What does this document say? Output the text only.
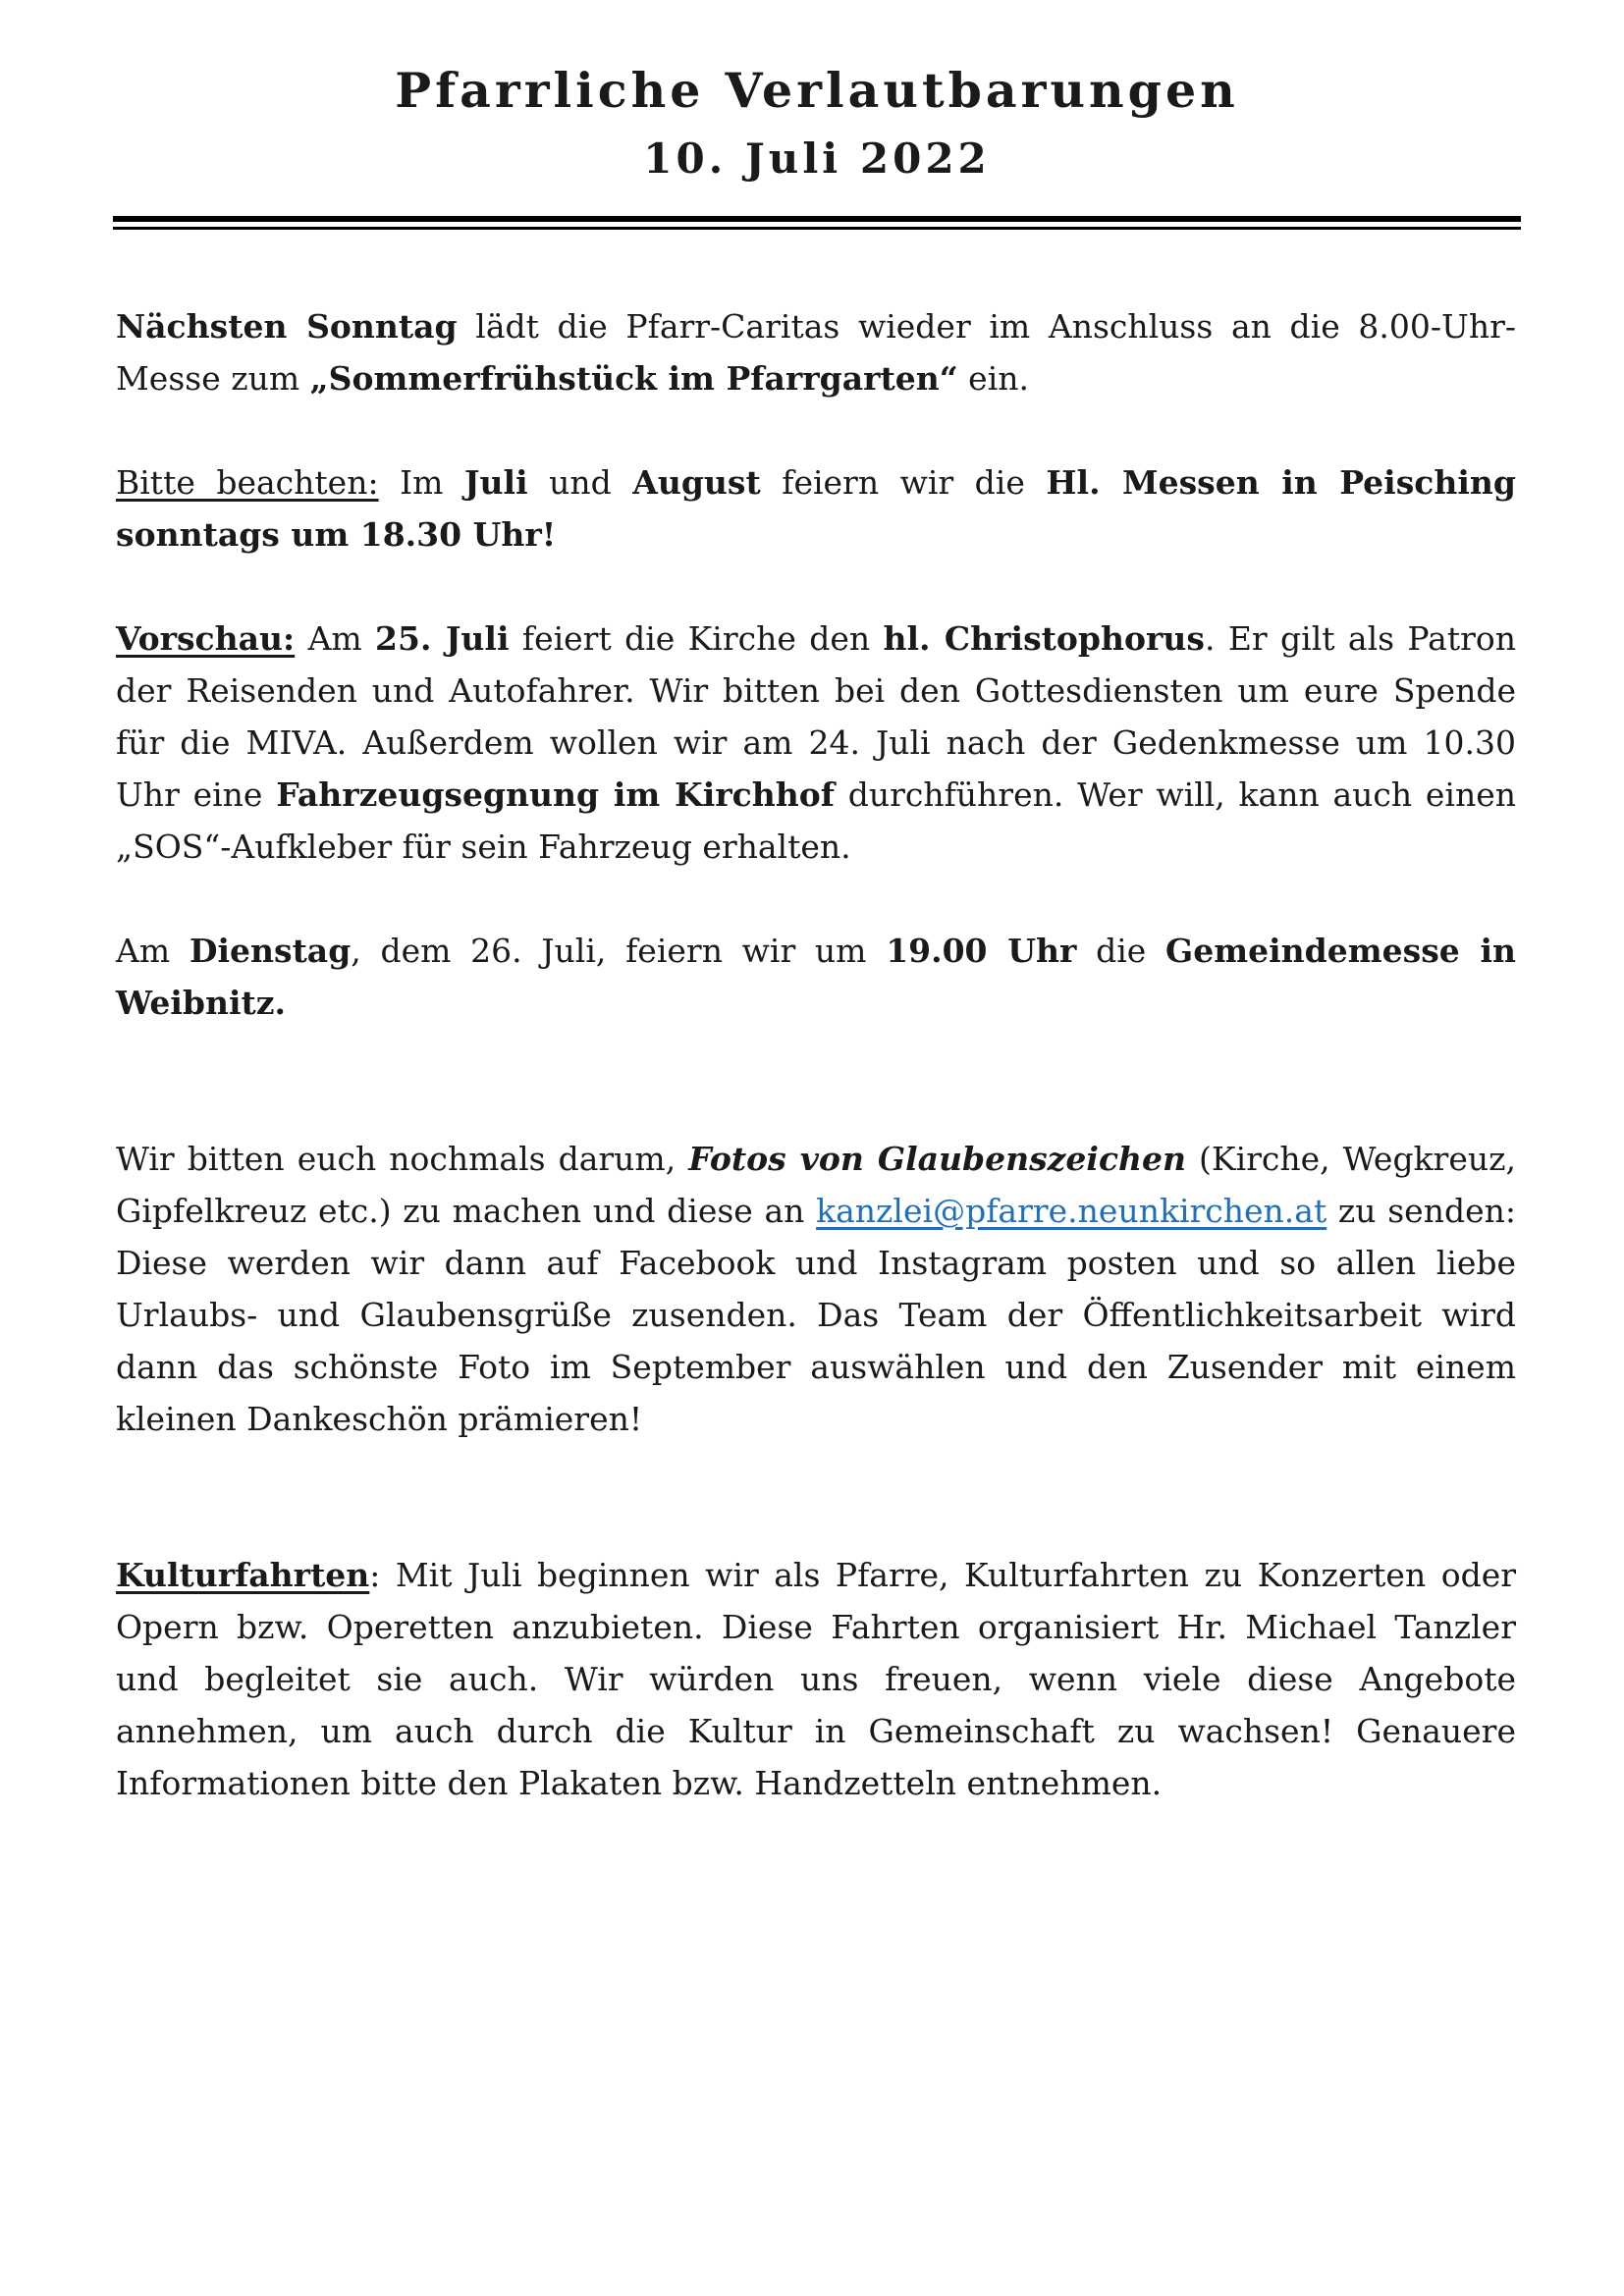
Pfarrliche Verlautbarungen
10. Juli 2022

Nächsten Sonntag lädt die Pfarr-Caritas wieder im Anschluss an die 8.00-Uhr-Messe zum „Sommerfrühstück im Pfarrgarten“ ein.

Bitte beachten: Im Juli und August feiern wir die Hl. Messen in Peisching sonntags um 18.30 Uhr!

Vorschau: Am 25. Juli feiert die Kirche den hl. Christophorus. Er gilt als Patron der Reisenden und Autofahrer. Wir bitten bei den Gottesdiensten um eure Spende für die MIVA. Außerdem wollen wir am 24. Juli nach der Gedenkmesse um 10.30 Uhr eine Fahrzeugsegnung im Kirchhof durchführen. Wer will, kann auch einen „SOS“-Aufkleber für sein Fahrzeug erhalten.

Am Dienstag, dem 26. Juli, feiern wir um 19.00 Uhr die Gemeindemesse in Weibnitz.

Wir bitten euch nochmals darum, Fotos von Glaubenszeichen (Kirche, Wegkreuz, Gipfelkreuz etc.) zu machen und diese an kanzlei@pfarre.neunkirchen.at zu senden: Diese werden wir dann auf Facebook und Instagram posten und so allen liebe Urlaubs- und Glaubensgrüße zusenden. Das Team der Öffentlichkeitsarbeit wird dann das schönste Foto im September auswählen und den Zusender mit einem kleinen Dankeschön prämieren!

Kulturfahrten: Mit Juli beginnen wir als Pfarre, Kulturfahrten zu Konzerten oder Opern bzw. Operetten anzubieten. Diese Fahrten organisiert Hr. Michael Tanzler und begleitet sie auch. Wir würden uns freuen, wenn viele diese Angebote annehmen, um auch durch die Kultur in Gemeinschaft zu wachsen! Genauere Informationen bitte den Plakaten bzw. Handzetteln entnehmen.
